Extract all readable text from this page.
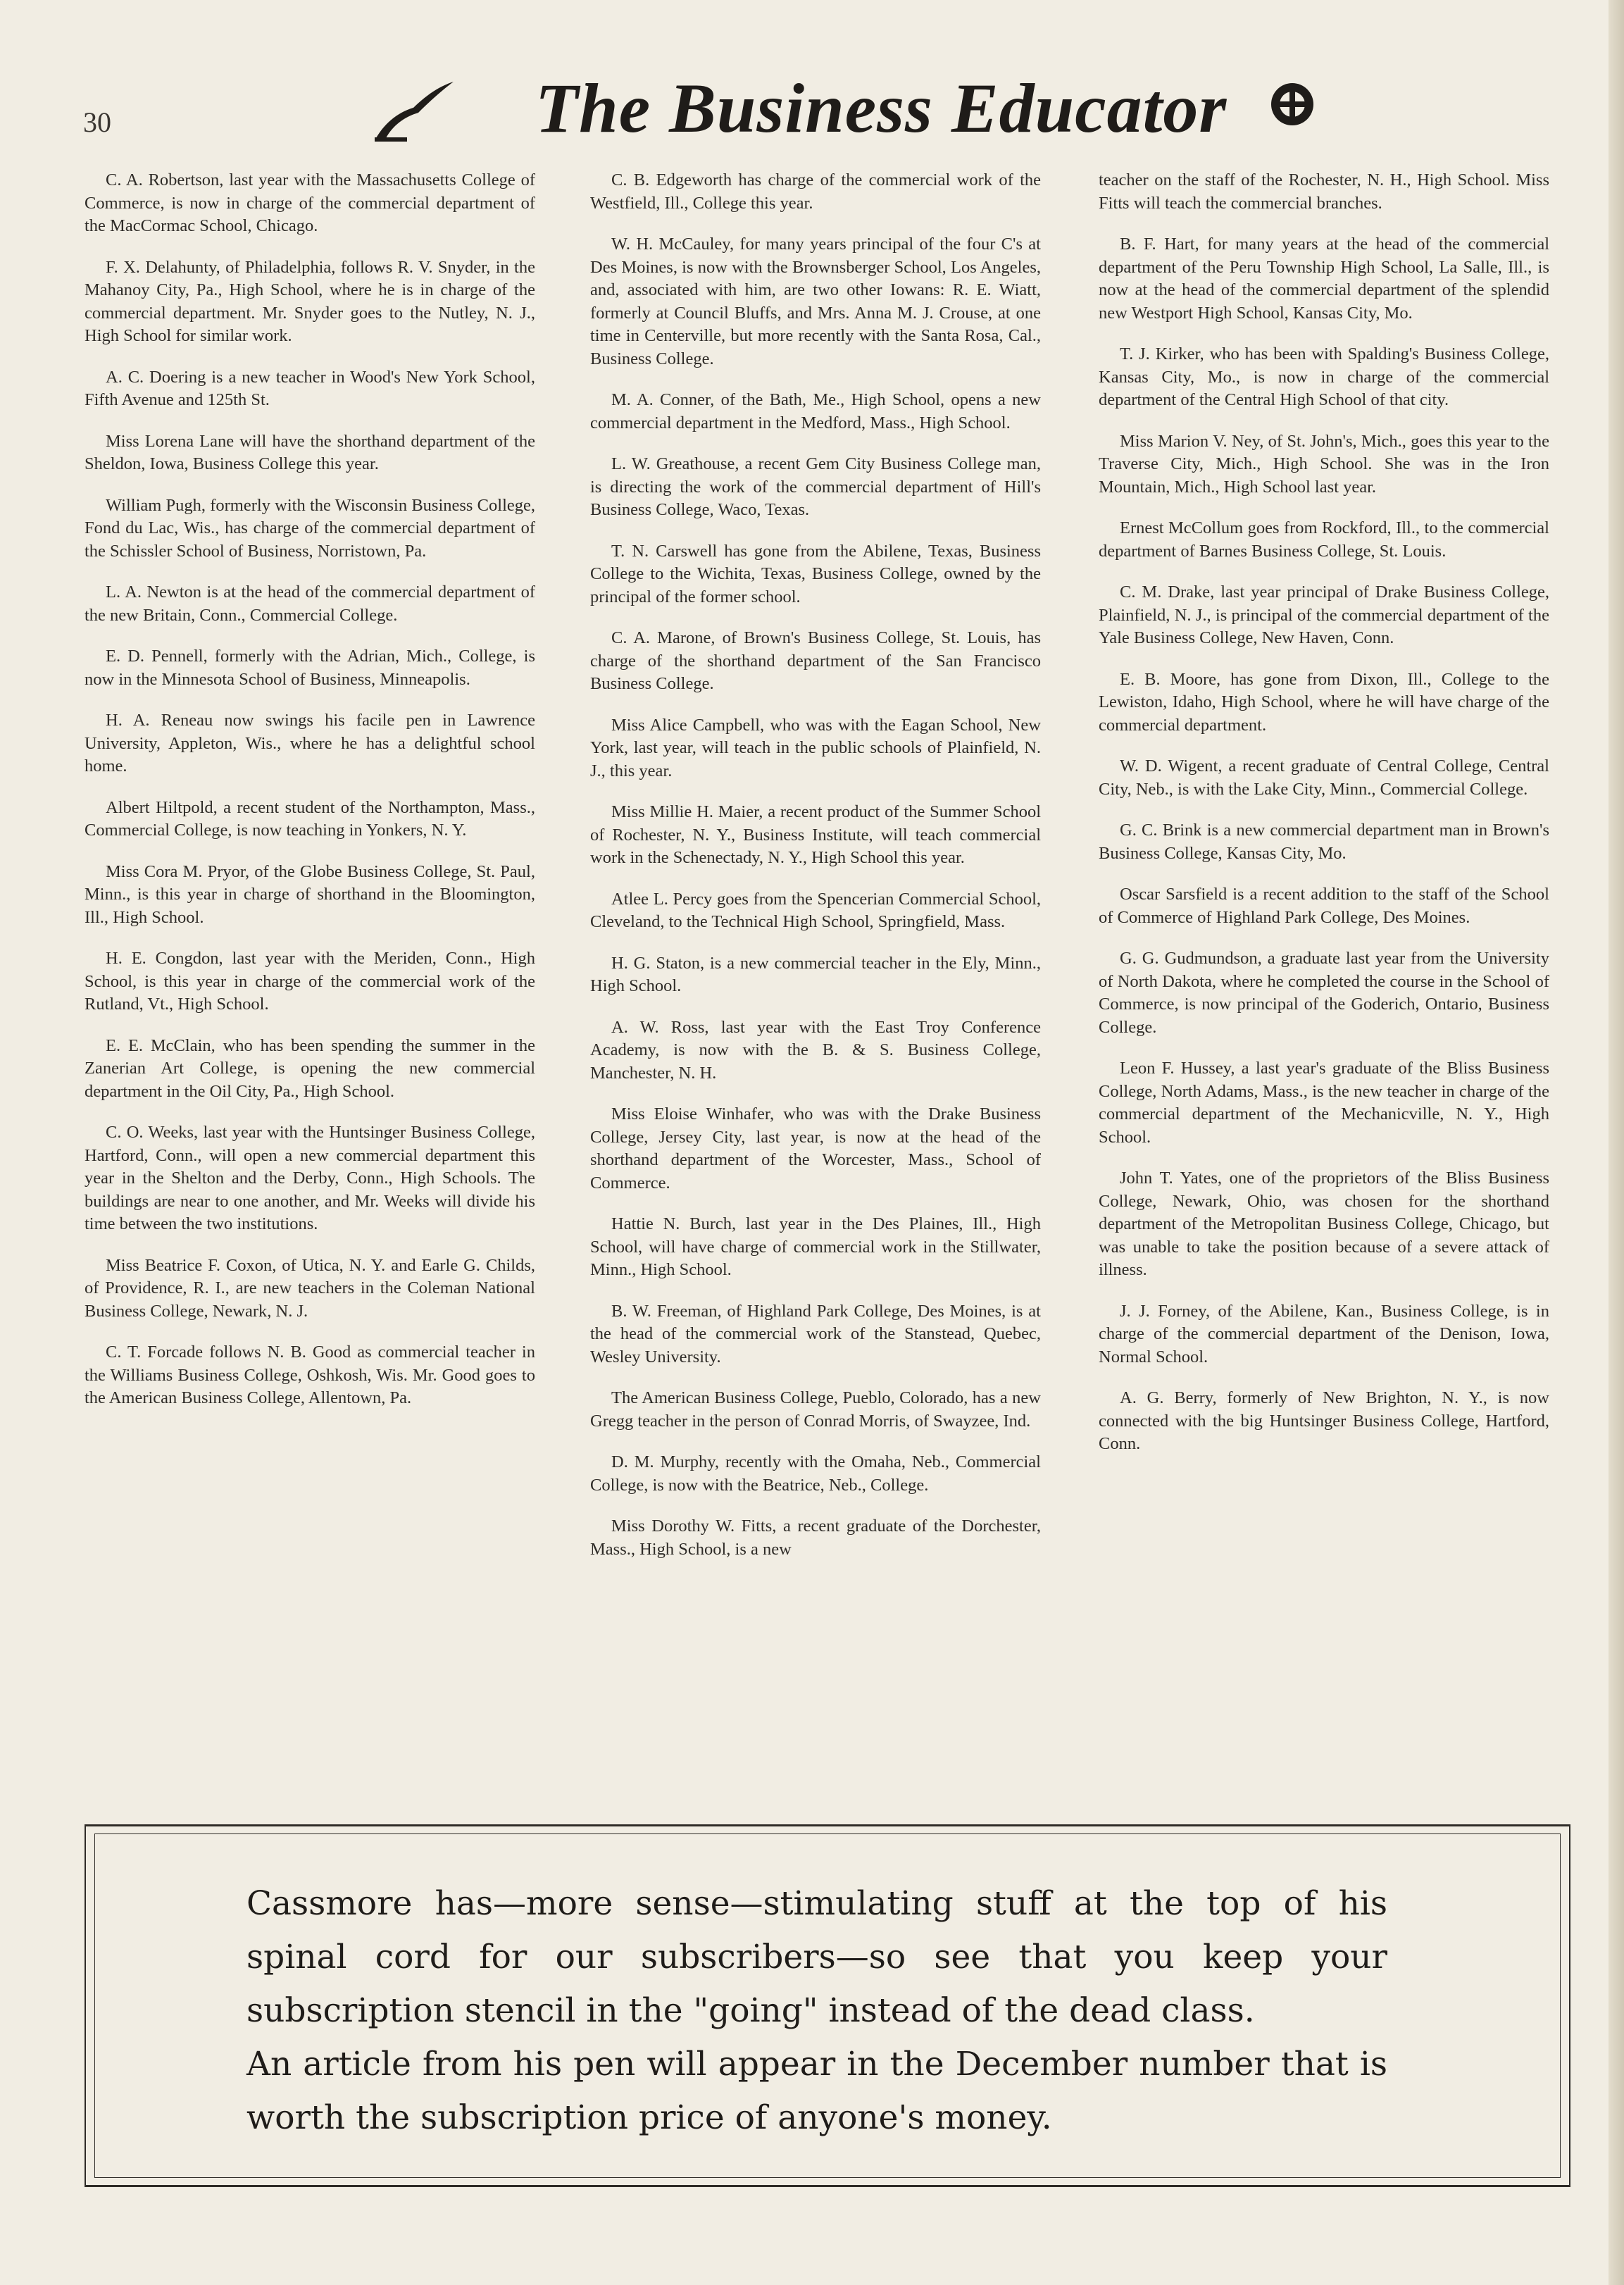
30	The Business Educator

C. A. Robertson, last year with the Massachusetts College of Commerce, is now in charge of the commercial department of the MacCormac School, Chicago.

F. X. Delahunty, of Philadelphia, follows R. V. Snyder, in the Mahanoy City, Pa., High School, where he is in charge of the commercial department. Mr. Snyder goes to the Nutley, N. J., High School for similar work.

A. C. Doering is a new teacher in Wood's New York School, Fifth Avenue and 125th St.

Miss Lorena Lane will have the shorthand department of the Sheldon, Iowa, Business College this year.

William Pugh, formerly with the Wisconsin Business College, Fond du Lac, Wis., has charge of the commercial department of the Schissler School of Business, Norristown, Pa.

L. A. Newton is at the head of the commercial department of the new Britain, Conn., Commercial College.

E. D. Pennell, formerly with the Adrian, Mich., College, is now in the Minnesota School of Business, Minneapolis.

H. A. Reneau now swings his facile pen in Lawrence University, Appleton, Wis., where he has a delightful school home.

Albert Hiltpold, a recent student of the Northampton, Mass., Commercial College, is now teaching in Yonkers, N. Y.

Miss Cora M. Pryor, of the Globe Business College, St. Paul, Minn., is this year in charge of shorthand in the Bloomington, Ill., High School.

H. E. Congdon, last year with the Meriden, Conn., High School, is this year in charge of the commercial work of the Rutland, Vt., High School.

E. E. McClain, who has been spending the summer in the Zanerian Art College, is opening the new commercial department in the Oil City, Pa., High School.

C. O. Weeks, last year with the Huntsinger Business College, Hartford, Conn., will open a new commercial department this year in the Shelton and the Derby, Conn., High Schools. The buildings are near to one another, and Mr. Weeks will divide his time between the two institutions.

Miss Beatrice F. Coxon, of Utica, N. Y. and Earle G. Childs, of Providence, R. I., are new teachers in the Coleman National Business College, Newark, N. J.

C. T. Forcade follows N. B. Good as commercial teacher in the Williams Business College, Oshkosh, Wis. Mr. Good goes to the American Business College, Allentown, Pa.

C. B. Edgeworth has charge of the commercial work of the Westfield, Ill., College this year.

W. H. McCauley, for many years principal of the four C's at Des Moines, is now with the Brownsberger School, Los Angeles, and, associated with him, are two other Iowans: R. E. Wiatt, formerly at Council Bluffs, and Mrs. Anna M. J. Crouse, at one time in Centerville, but more recently with the Santa Rosa, Cal., Business College.

M. A. Conner, of the Bath, Me., High School, opens a new commercial department in the Medford, Mass., High School.

L. W. Greathouse, a recent Gem City Business College man, is directing the work of the commercial department of Hill's Business College, Waco, Texas.

T. N. Carswell has gone from the Abilene, Texas, Business College to the Wichita, Texas, Business College, owned by the principal of the former school.

C. A. Marone, of Brown's Business College, St. Louis, has charge of the shorthand department of the San Francisco Business College.

Miss Alice Campbell, who was with the Eagan School, New York, last year, will teach in the public schools of Plainfield, N. J., this year.

Miss Millie H. Maier, a recent product of the Summer School of Rochester, N. Y., Business Institute, will teach commercial work in the Schenectady, N. Y., High School this year.

Atlee L. Percy goes from the Spencerian Commercial School, Cleveland, to the Technical High School, Springfield, Mass.

H. G. Staton, is a new commercial teacher in the Ely, Minn., High School.

A. W. Ross, last year with the East Troy Conference Academy, is now with the B. & S. Business College, Manchester, N. H.

Miss Eloise Winhafer, who was with the Drake Business College, Jersey City, last year, is now at the head of the shorthand department of the Worcester, Mass., School of Commerce.

Hattie N. Burch, last year in the Des Plaines, Ill., High School, will have charge of commercial work in the Stillwater, Minn., High School.

B. W. Freeman, of Highland Park College, Des Moines, is at the head of the commercial work of the Stanstead, Quebec, Wesley University.

The American Business College, Pueblo, Colorado, has a new Gregg teacher in the person of Conrad Morris, of Swayzee, Ind.

D. M. Murphy, recently with the Omaha, Neb., Commercial College, is now with the Beatrice, Neb., College.

Miss Dorothy W. Fitts, a recent graduate of the Dorchester, Mass., High School, is a new

teacher on the staff of the Rochester, N. H., High School. Miss Fitts will teach the commercial branches.

B. F. Hart, for many years at the head of the commercial department of the Peru Township High School, La Salle, Ill., is now at the head of the commercial department of the splendid new Westport High School, Kansas City, Mo.

T. J. Kirker, who has been with Spalding's Business College, Kansas City, Mo., is now in charge of the commercial department of the Central High School of that city.

Miss Marion V. Ney, of St. John's, Mich., goes this year to the Traverse City, Mich., High School. She was in the Iron Mountain, Mich., High School last year.

Ernest McCollum goes from Rockford, Ill., to the commercial department of Barnes Business College, St. Louis.

C. M. Drake, last year principal of Drake Business College, Plainfield, N. J., is principal of the commercial department of the Yale Business College, New Haven, Conn.

E. B. Moore, has gone from Dixon, Ill., College to the Lewiston, Idaho, High School, where he will have charge of the commercial department.

W. D. Wigent, a recent graduate of Central College, Central City, Neb., is with the Lake City, Minn., Commercial College.

G. C. Brink is a new commercial department man in Brown's Business College, Kansas City, Mo.

Oscar Sarsfield is a recent addition to the staff of the School of Commerce of Highland Park College, Des Moines.

G. G. Gudmundson, a graduate last year from the University of North Dakota, where he completed the course in the School of Commerce, is now principal of the Goderich, Ontario, Business College.

Leon F. Hussey, a last year's graduate of the Bliss Business College, North Adams, Mass., is the new teacher in charge of the commercial department of the Mechanicville, N. Y., High School.

John T. Yates, one of the proprietors of the Bliss Business College, Newark, Ohio, was chosen for the shorthand department of the Metropolitan Business College, Chicago, but was unable to take the position because of a severe attack of illness.

J. J. Forney, of the Abilene, Kan., Business College, is in charge of the commercial department of the Denison, Iowa, Normal School.

A. G. Berry, formerly of New Brighton, N. Y., is now connected with the big Huntsinger Business College, Hartford, Conn.

Cassmore has—more sense—stimulating stuff at the top of his spinal cord for our subscribers—so see that you keep your subscription stencil in the "going" instead of the dead class.

An article from his pen will appear in the December number that is worth the subscription price of anyone's money.
